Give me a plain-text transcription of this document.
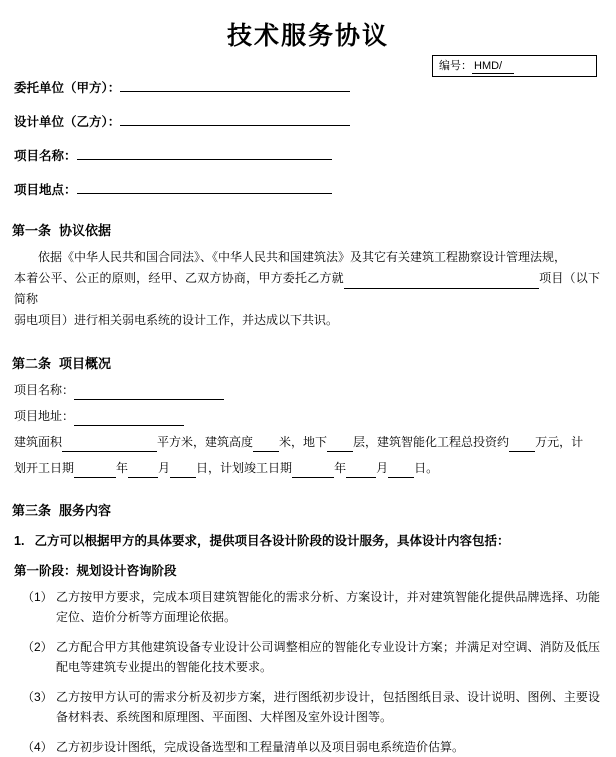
技术服务协议
编号： HMD/
委托单位（甲方）：
设计单位（乙方）：
项目名称：
项目地点：
第一条 协议依据

依据《中华人民共和国合同法》、《中华人民共和国建筑法》及其它有关建筑工程勘察设计管理法规，

本着公平、公正的原则，经甲、乙双方协商，甲方委托乙方就	项目（以下简称

弱电项目）进行相关弱电系统的设计工作，并达成以下共识。

第二条 项目概况
项目名称：
项目地址：
建筑面积	平方米，建筑高度 米，地下 层，建筑智能化工程总投资约 万元，计
划开工日期	年	月 日，计划竣工日期	年	月 日。
第三条 服务内容
1. 乙方可以根据甲方的具体要求，提供项目各设计阶段的设计服务，具体设计内容包括：
第一阶段：规划设计咨询阶段
（1） 乙方按甲方要求，完成本项目建筑智能化的需求分析、方案设计，并对建筑智能化提供品牌选择、功能定位、造价分析等方面理论依据。
（2） 乙方配合甲方其他建筑设备专业设计公司调整相应的智能化专业设计方案；并满足对空调、消防及低压配电等建筑专业提出的智能化技术要求。
（3） 乙方按甲方认可的需求分析及初步方案，进行图纸初步设计，包括图纸目录、设计说明、图例、主要设备材料表、系统图和原理图、平面图、大样图及室外设计图等。
（4） 乙方初步设计图纸，完成设备选型和工程量清单以及项目弱电系统造价估算。
